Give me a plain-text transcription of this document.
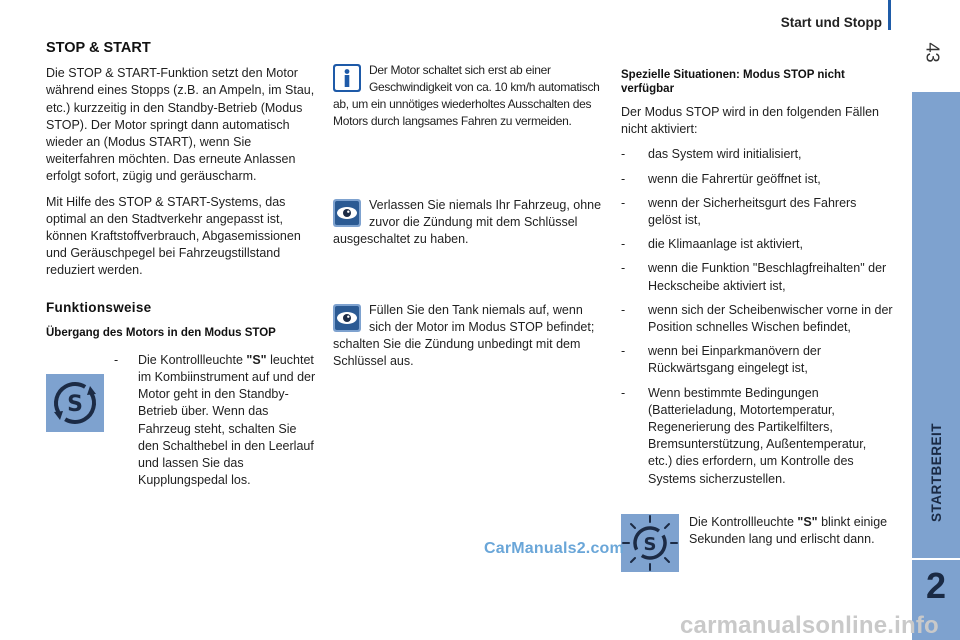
Start und Stopp
43
STARTBEREIT
2
STOP & START

Die STOP & START-Funktion setzt den Motor während eines Stopps (z.B. an Ampeln, im Stau, etc.) kurzzeitig in den Standby-Betrieb (Modus STOP). Der Motor springt dann automatisch wieder an (Modus START), wenn Sie weiterfahren möchten. Das erneute Anlassen erfolgt sofort, zügig und geräuscharm.

Mit Hilfe des STOP & START-Systems, das optimal an den Stadtverkehr angepasst ist, können Kraftstoffverbrauch, Abgasemissionen und Geräuschpegel bei Fahrzeugstillstand reduziert werden.

Funktionsweise
Übergang des Motors in den Modus STOP
S
-	Die Kontrollleuchte "S" leuchtet im Kombiinstrument auf und der Motor geht in den Standby-Betrieb über. Wenn das Fahrzeug steht, schalten Sie den Schalthebel in den Leerlauf und lassen Sie das Kupplungspedal los.
Der Motor schaltet sich erst ab einer Geschwindigkeit von ca. 10 km/h automatisch ab, um ein unnötiges wiederholtes Ausschalten des Motors durch langsames Fahren zu vermeiden.
Verlassen Sie niemals Ihr Fahrzeug, ohne zuvor die Zündung mit dem Schlüssel ausgeschaltet zu haben.
Füllen Sie den Tank niemals auf, wenn sich der Motor im Modus STOP befindet; schalten Sie die Zündung unbedingt mit dem Schlüssel aus.
Spezielle Situationen: Modus STOP nicht verfügbar

Der Modus STOP wird in den folgenden Fällen nicht aktiviert:

-	das System wird initialisiert,
-	wenn die Fahrertür geöffnet ist,
-	wenn der Sicherheitsgurt des Fahrers gelöst ist,
-	die Klimaanlage ist aktiviert,
-	wenn die Funktion "Beschlagfreihalten" der Heckscheibe aktiviert ist,
-	wenn sich der Scheibenwischer vorne in der Position schnelles Wischen befindet,
-	wenn bei Einparkmanövern der Rückwärtsgang eingelegt ist,
-	Wenn bestimmte Bedingungen (Batterieladung, Motortemperatur, Regenerierung des Partikelfilters, Bremsunterstützung, Außentemperatur, etc.) dies erfordern, um Kontrolle des Systems sicherzustellen.
S
Die Kontrollleuchte "S" blinkt einige Sekunden lang und erlischt dann.
CarManuals2.com
carmanualsonline.info
